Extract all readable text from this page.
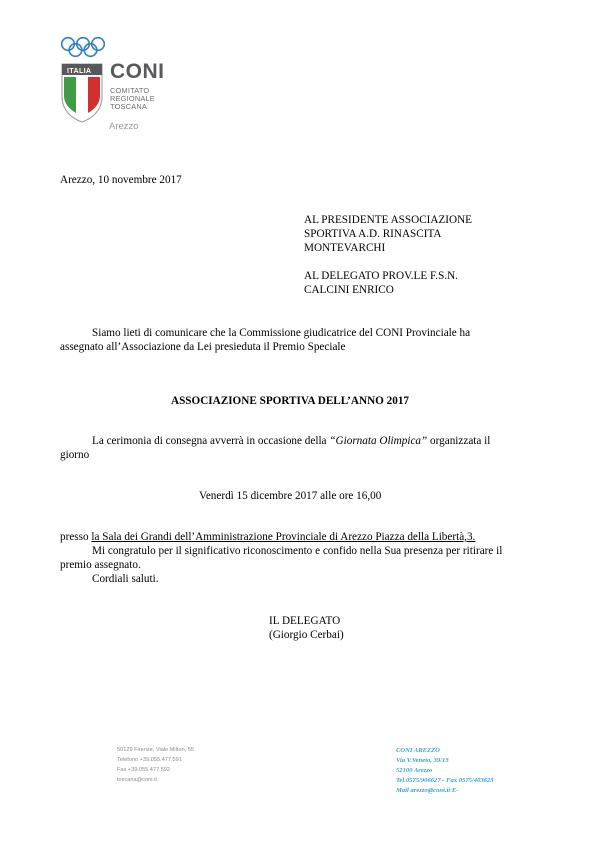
ITALIA CONI
COMITATO
REGIONALE
TOSCANA
Arezzo
Arezzo, 10 novembre 2017
AL PRESIDENTE ASSOCIAZIONE
SPORTIVA A.D. RINASCITA
MONTEVARCHI
AL DELEGATO PROV.LE F.S.N.
CALCINI ENRICO
Siamo lieti di comunicare che la Commissione giudicatrice del CONI Provinciale ha
assegnato all’Associazione da Lei presieduta il Premio Speciale
ASSOCIAZIONE SPORTIVA DELL’ANNO 2017
La cerimonia di consegna avverrà in occasione della “Giornata Olimpica” organizzata il
giorno
Venerdì 15 dicembre 2017 alle ore 16,00
presso la Sala dei Grandi dell’Amministrazione Provinciale di Arezzo Piazza della Libertà,3.
Mi congratulo per il significativo riconoscimento e confido nella Sua presenza per ritirare il
premio assegnato.
Cordiali saluti.
IL DELEGATO
(Giorgio Cerbai)
50129 Firenze, Viale Milton, 55
Telefono +39.055.477.591
Fax +39.055.477.592
toscana@coni.it
CONI AREZZO
Via V.Veneto, 39/13
52100 Arezzo
Tel.0575/906627 - Fax 0575/403623
Mail arezzo@coni.it E-
